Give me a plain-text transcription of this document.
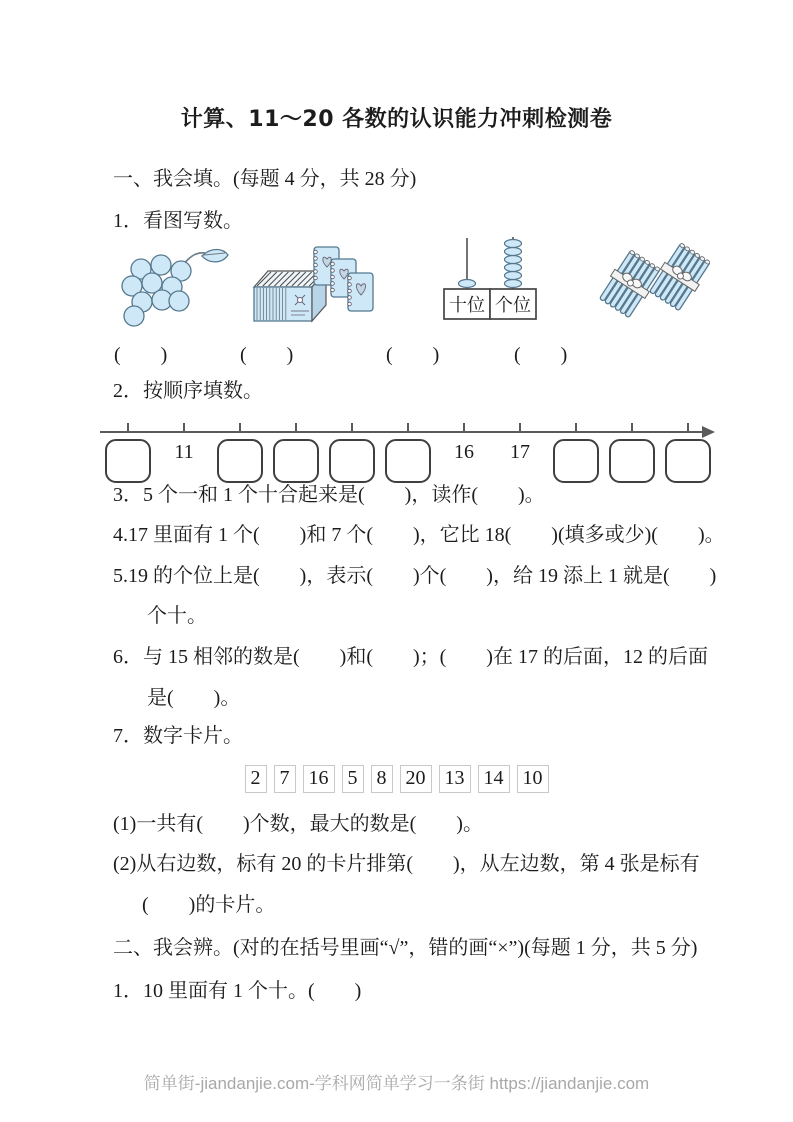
计算、11～20 各数的认识能力冲刺检测卷
一、我会填。(每题 4 分，共 28 分)
1．看图写数。
十位 个位
(　　)	(　　)	(　　)	(　　)
2．按顺序填数。
11	16	17
3．5 个一和 1 个十合起来是(　　)，读作(　　)。
4.17 里面有 1 个(　　)和 7 个(　　)，它比 18(　　)(填多或少)(　　)。
5.19 的个位上是(　　)，表示(　　)个(　　)，给 19 添上 1 就是(　　)
个十。
6．与 15 相邻的数是(　　)和(　　)；(　　)在 17 的后面，12 的后面
是(　　)。
7．数字卡片。
2 7 16 5 8 20 13 14 10
(1)一共有(　　)个数，最大的数是(　　)。
(2)从右边数，标有 20 的卡片排第(　　)，从左边数，第 4 张是标有
(　　)的卡片。
二、我会辨。(对的在括号里画“√”，错的画“×”)(每题 1 分，共 5 分)
1．10 里面有 1 个十。(　　)
简单街-jiandanjie.com-学科网简单学习一条街 https://jiandanjie.com
